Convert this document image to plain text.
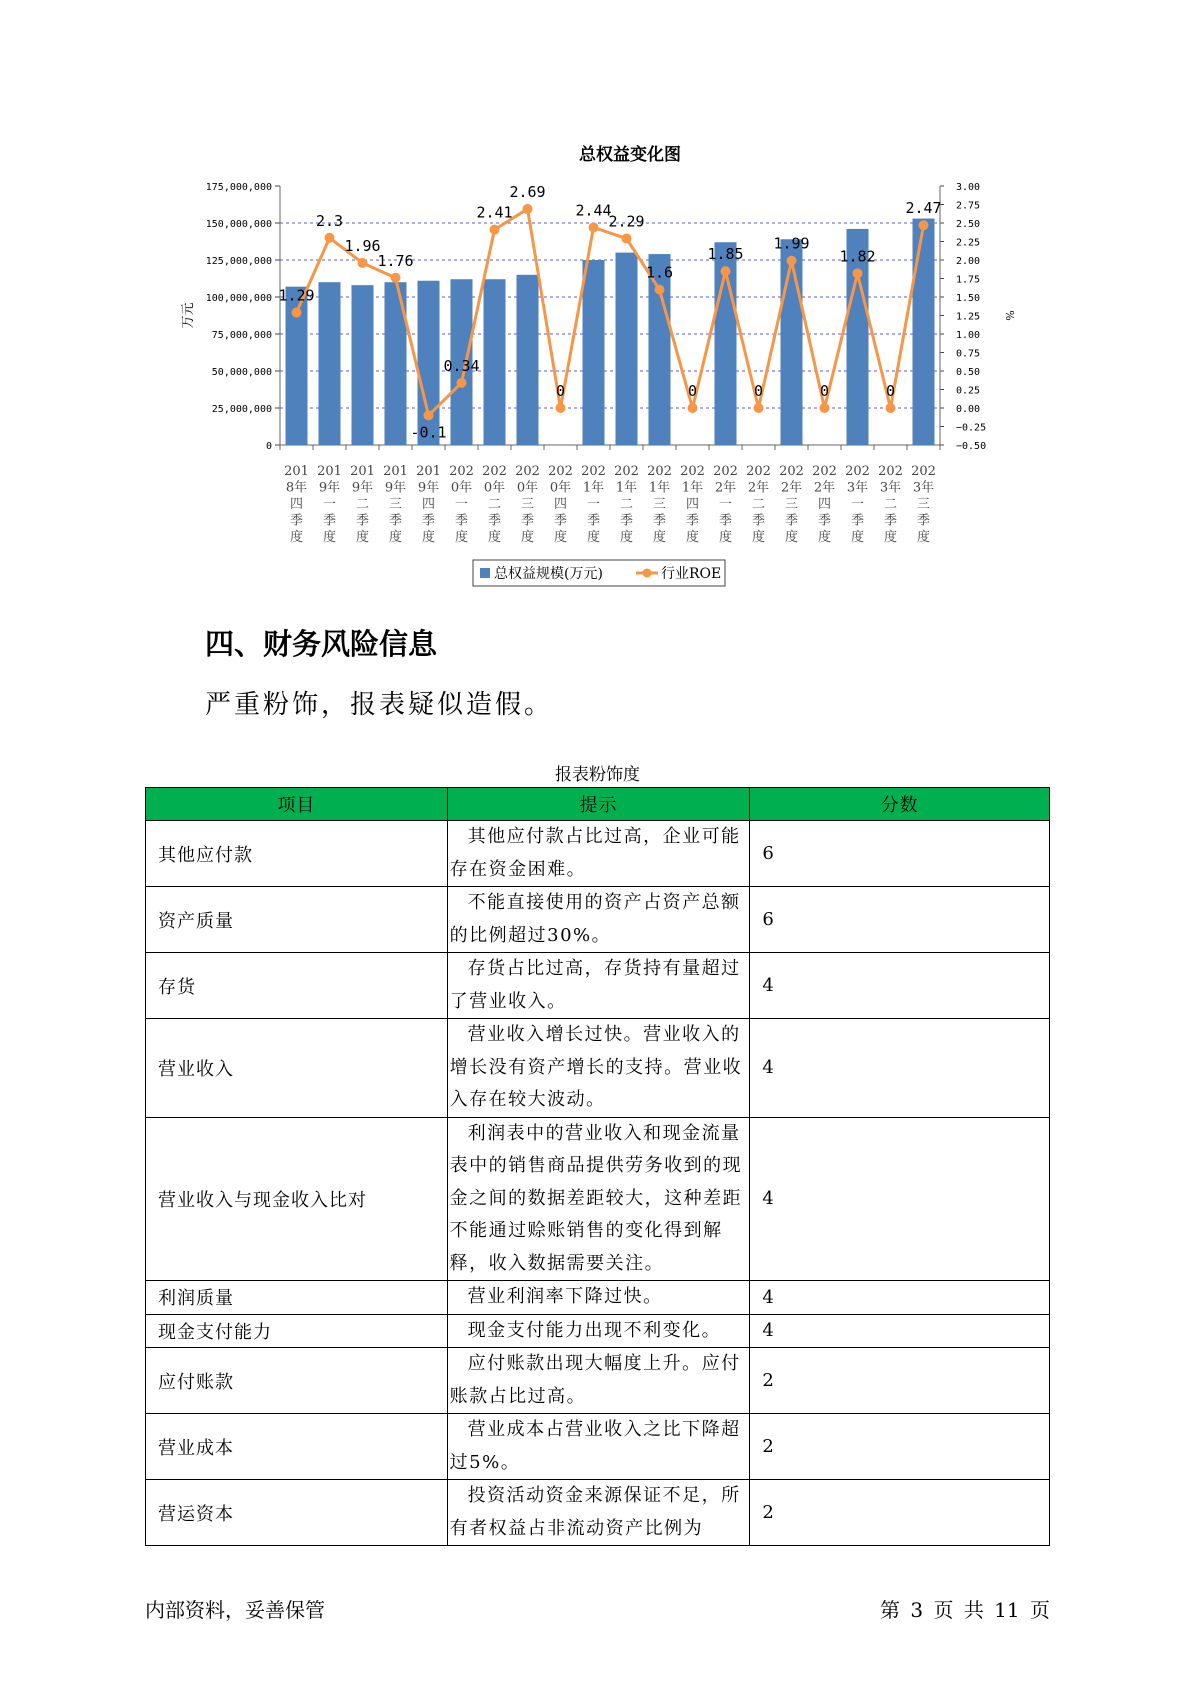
总权益变化图
175,000,000
150,000,000
125,000,000
100,000,000
75,000,000
50,000,000
25,000,000
0
3.00
2.75
2.50
2.25
2.00
1.75
1.50
1.25
1.00
0.75
0.50
0.25
0.00
−0.25
−0.50
万元	%
201
8年
四
季
度
201
9年
一
季
度
201
9年
二
季
度
201
9年
三
季
度
201
9年
四
季
度
202
0年
一
季
度
202
0年
二
季
度
202
0年
三
季
度
202
0年
四
季
度
202
1年
一
季
度
202
1年
二
季
度
202
1年
三
季
度
202
1年
四
季
度
202
2年
一
季
度
202
2年
二
季
度
202
2年
三
季
度
202
2年
四
季
度
202
3年
一
季
度
202
3年
二
季
度
202
3年
三
季
度
1.29
2.3
1.96
1.76
-0.1
0.34
2.41
2.69
0
2.44
2.29
1.6
0
1.85
0
1.99
0
1.82
0
2.47
总权益规模(万元)	行业ROE
四、财务风险信息
严重粉饰，报表疑似造假。
报表粉饰度
项目	提示	分数
其他应付款	其他应付款占比过高，企业可能存在资金困难。	6
资产质量	不能直接使用的资产占资产总额的比例超过30%。	6
存货	存货占比过高，存货持有量超过了营业收入。	4
营业收入	营业收入增长过快。营业收入的增长没有资产增长的支持。营业收入存在较大波动。	4
营业收入与现金收入比对	利润表中的营业收入和现金流量表中的销售商品提供劳务收到的现金之间的数据差距较大，这种差距不能通过赊账销售的变化得到解释，收入数据需要关注。	4
利润质量	营业利润率下降过快。	4
现金支付能力	现金支付能力出现不利变化。	4
应付账款	应付账款出现大幅度上升。应付账款占比过高。	2
营业成本	营业成本占营业收入之比下降超过5%。	2
营运资本	投资活动资金来源保证不足，所有者权益占非流动资产比例为	2
内部资料，妥善保管	第 3 页 共 11 页
